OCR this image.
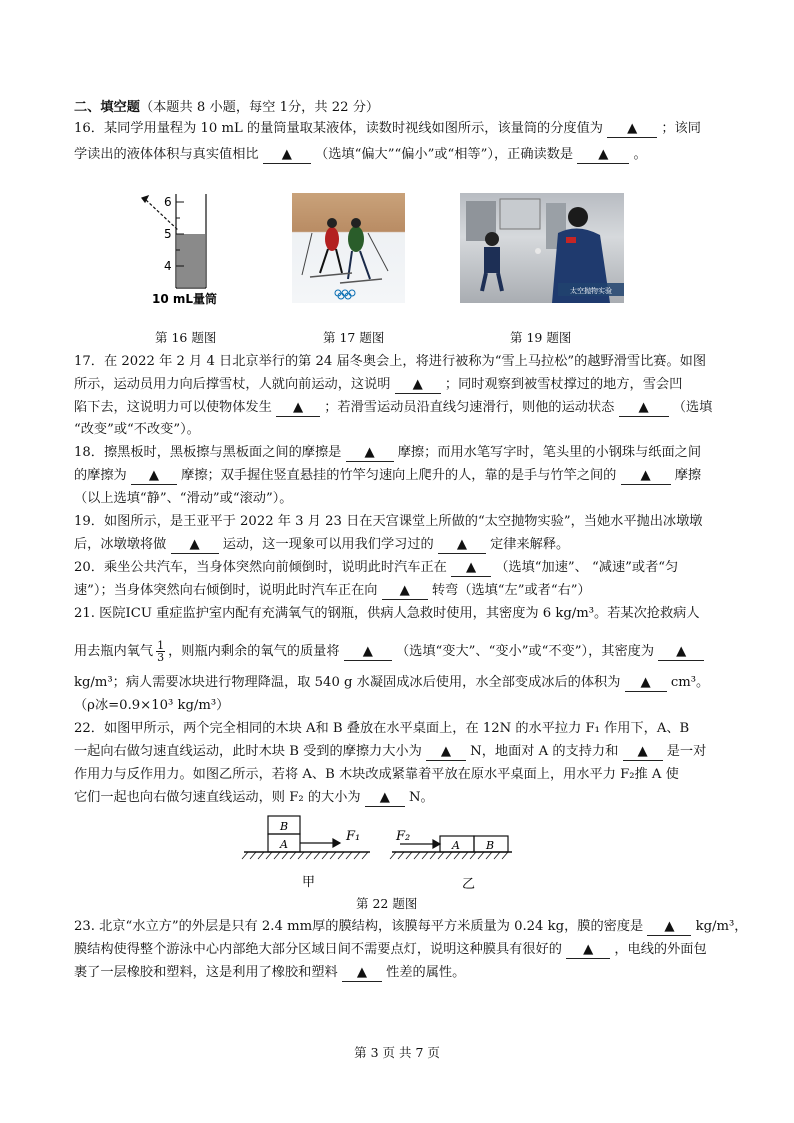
二、填空题（本题共 8 小题，每空 1分，共 22 分）
16．某同学用量程为 10 mL 的量筒量取某液体，读数时视线如图所示，该量筒的分度值为 ▲ ；该同
学读出的液体体积与真实值相比 ▲ （选填“偏大”“偏小”或“相等”），正确读数是 ▲ 。
6
5
4
10 mL量筒
太空抛物实验
第 16 题图	第 17 题图	第 19 题图
17．在 2022 年 2 月 4 日北京举行的第 24 届冬奥会上，将进行被称为“雪上马拉松”的越野滑雪比赛。如图
所示，运动员用力向后撑雪杖，人就向前运动，这说明 ▲ ；同时观察到被雪杖撑过的地方，雪会凹
陷下去，这说明力可以使物体发生 ▲ ；若滑雪运动员沿直线匀速滑行，则他的运动状态 ▲ （选填
“改变”或“不改变”）。
18．擦黑板时，黑板擦与黑板面之间的摩擦是 ▲ 摩擦；而用水笔写字时，笔头里的小钢珠与纸面之间
的摩擦为 ▲ 摩擦；双手握住竖直悬挂的竹竿匀速向上爬升的人，靠的是手与竹竿之间的 ▲ 摩擦
（以上选填“静”、“滑动”或“滚动”）。
19．如图所示，是王亚平于 2022 年 3 月 23 日在天宫课堂上所做的“太空抛物实验”，当她水平抛出冰墩墩
后，冰墩墩将做 ▲ 运动，这一现象可以用我们学习过的 ▲ 定律来解释。
20．乘坐公共汽车，当身体突然向前倾倒时，说明此时汽车正在 ▲ （选填“加速”、 “减速”或者“匀
速”）；当身体突然向右倾倒时，说明此时汽车正在向 ▲ 转弯（选填“左”或者“右”）
21. 医院ICU 重症监护室内配有充满氧气的钢瓶，供病人急救时使用，其密度为 6 kg/m³。若某次抢救病人
用去瓶内氧气 $\frac{1}{3}$ ，则瓶内剩余的氧气的质量将 ▲ （选填“变大”、“变小”或“不变”），其密度为 ▲
kg/m³；病人需要冰块进行物理降温，取 540 g 水凝固成冰后使用，水全部变成冰后的体积为 ▲ cm³。
（ρ冰=0.9×10³ kg/m³）
22．如图甲所示，两个完全相同的木块 A和 B 叠放在水平桌面上，在 12N 的水平拉力 F₁ 作用下，A、B
一起向右做匀速直线运动，此时木块 B 受到的摩擦力大小为 ▲ N，地面对 A 的支持力和 ▲ 是一对
作用力与反作用力。如图乙所示，若将 A、B 木块改成紧靠着平放在原水平桌面上，用水平力 F₂推 A 使
它们一起也向右做匀速直线运动，则 F₂ 的大小为 ▲ N。
A
B
F₁
甲
A B
F₂
乙
第 22 题图
23. 北京“水立方”的外层是只有 2.4 mm厚的膜结构，该膜每平方米质量为 0.24 kg，膜的密度是 ▲ kg/m³，
膜结构使得整个游泳中心内部绝大部分区域日间不需要点灯，说明这种膜具有很好的 ▲ ，电线的外面包
裹了一层橡胶和塑料，这是利用了橡胶和塑料 ▲ 性差的属性。
第 3 页 共 7 页
